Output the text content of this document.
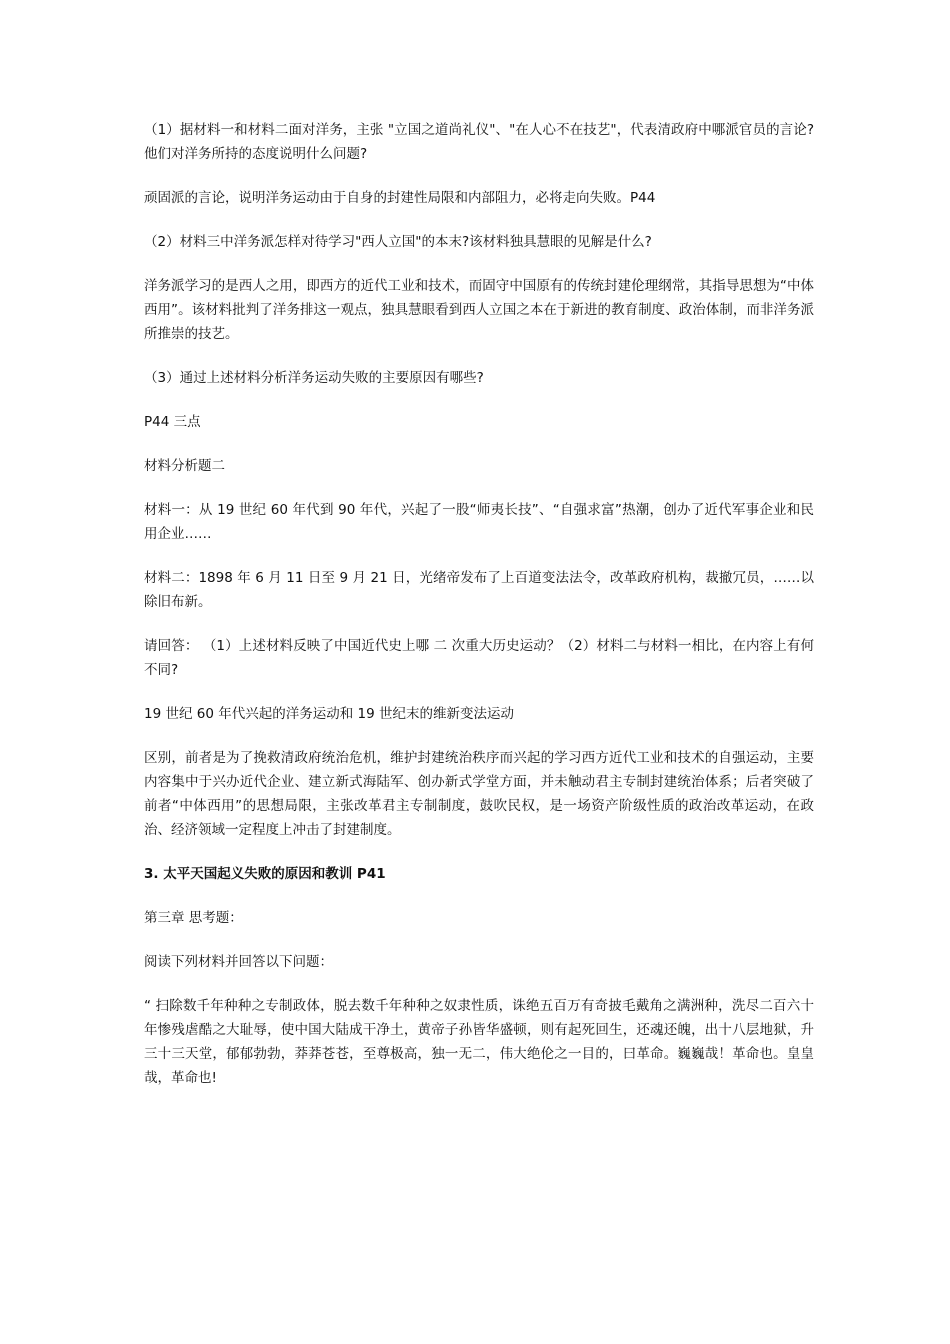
（1）据材料一和材料二面对洋务，主张 "立国之道尚礼仪"、"在人心不在技艺"，代表清政府中哪派官员的言论?他们对洋务所持的态度说明什么问题?

顽固派的言论，说明洋务运动由于自身的封建性局限和内部阻力，必将走向失败。P44

（2）材料三中洋务派怎样对待学习"西人立国"的本末?该材料独具慧眼的见解是什么?

洋务派学习的是西人之用，即西方的近代工业和技术，而固守中国原有的传统封建伦理纲常，其指导思想为“中体西用”。该材料批判了洋务排这一观点，独具慧眼看到西人立国之本在于新进的教育制度、政治体制，而非洋务派所推崇的技艺。

（3）通过上述材料分析洋务运动失败的主要原因有哪些?

P44 三点

材料分析题二

材料一：从 19 世纪 60 年代到 90 年代，兴起了一股“师夷长技”、“自强求富”热潮，创办了近代军事企业和民用企业……

材料二：1898 年 6 月 11 日至 9 月 21 日，光绪帝发布了上百道变法法令，改革政府机构，裁撤冗员，……以除旧布新。

请回答： （1）上述材料反映了中国近代史上哪 二 次重大历史运动？（2）材料二与材料一相比，在内容上有何不同?

19 世纪 60 年代兴起的洋务运动和 19 世纪末的维新变法运动

区别，前者是为了挽救清政府统治危机，维护封建统治秩序而兴起的学习西方近代工业和技术的自强运动，主要内容集中于兴办近代企业、建立新式海陆军、创办新式学堂方面，并未触动君主专制封建统治体系；后者突破了前者“中体西用”的思想局限，主张改革君主专制制度，鼓吹民权，是一场资产阶级性质的政治改革运动，在政治、经济领域一定程度上冲击了封建制度。

3. 太平天国起义失败的原因和教训 P41

第三章 思考题：

阅读下列材料并回答以下问题：

“ 扫除数千年种种之专制政体，脱去数千年种种之奴隶性质，诛绝五百万有奇披毛戴角之满洲种，洗尽二百六十年惨残虐酷之大耻辱，使中国大陆成干净土，黄帝子孙皆华盛顿，则有起死回生，还魂还魄，出十八层地狱，升三十三天堂，郁郁勃勃，莽莽苍苍，至尊极高，独一无二，伟大绝伦之一目的，曰革命。巍巍哉！革命也。皇皇哉，革命也!
